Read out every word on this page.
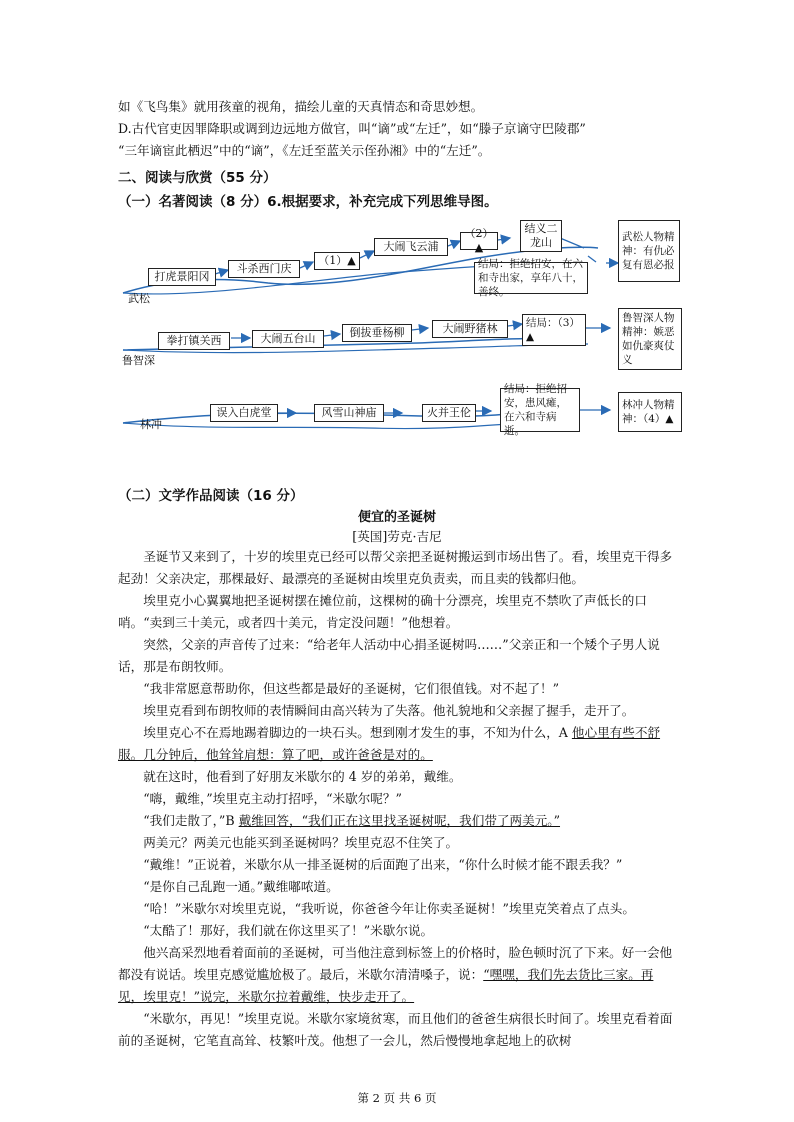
如《飞鸟集》就用孩童的视角，描绘儿童的天真情态和奇思妙想。
D.古代官吏因罪降职或调到边远地方做官，叫“谪”或“左迁”，如“滕子京谪守巴陵郡”
“三年谪宦此栖迟”中的“谪”，《左迁至蓝关示侄孙湘》中的“左迁”。
二、阅读与欣赏（55 分）
（一）名著阅读（8 分）6.根据要求，补充完成下列思维导图。
武松
打虎景阳冈
斗杀西门庆
（1）▲
大闹飞云浦
（2）▲
结义二龙山
结局：拒绝招安，在六和寺出家，享年八十，善终。
武松人物精神：有仇必复有恩必报
鲁智深
拳打镇关西	大闹五台山	倒拔垂杨柳	大闹野猪林	结局：（3）▲
鲁智深人物精神：嫉恶如仇豪爽仗义
林冲
误入白虎堂	风雪山神庙	火并王伦
结局：拒绝招安，患风瘫，在六和寺病逝。
林冲人物精神：（4）▲
（二）文学作品阅读（16 分）
便宜的圣诞树
[英国]劳克·吉尼
圣诞节又来到了，十岁的埃里克已经可以帮父亲把圣诞树搬运到市场出售了。看，埃里克干得多起劲！父亲决定，那棵最好、最漂亮的圣诞树由埃里克负责卖，而且卖的钱都归他。
埃里克小心翼翼地把圣诞树摆在摊位前，这棵树的确十分漂亮，埃里克不禁吹了声低长的口哨。“卖到三十美元，或者四十美元，肯定没问题！”他想着。
突然，父亲的声音传了过来：“给老年人活动中心捐圣诞树吗……”父亲正和一个矮个子男人说话，那是布朗牧师。
“我非常愿意帮助你，但这些都是最好的圣诞树，它们很值钱。对不起了！”
埃里克看到布朗牧师的表情瞬间由高兴转为了失落。他礼貌地和父亲握了握手，走开了。
埃里克心不在焉地踢着脚边的一块石头。想到刚才发生的事，不知为什么，A 他心里有些不舒服。几分钟后，他耸耸肩想：算了吧，或许爸爸是对的。
就在这时，他看到了好朋友米歇尔的 4 岁的弟弟，戴维。
“嗨，戴维，”埃里克主动打招呼，“米歇尔呢？”
“我们走散了，”B 戴维回答，“我们正在这里找圣诞树呢，我们带了两美元。”
两美元？两美元也能买到圣诞树吗？埃里克忍不住笑了。
“戴维！”正说着，米歇尔从一排圣诞树的后面跑了出来，“你什么时候才能不跟丢我？”
“是你自己乱跑一通。”戴维嘟哝道。
“哈！”米歇尔对埃里克说，“我听说，你爸爸今年让你卖圣诞树！”埃里克笑着点了点头。
“太酷了！那好，我们就在你这里买了！”米歇尔说。
他兴高采烈地看着面前的圣诞树，可当他注意到标签上的价格时，脸色顿时沉了下来。好一会他都没有说话。埃里克感觉尴尬极了。最后，米歇尔清清嗓子，说：“嘿嘿，我们先去货比三家。再见，埃里克！”说完，米歇尔拉着戴维，快步走开了。
“米歇尔，再见！”埃里克说。米歇尔家境贫寒，而且他们的爸爸生病很长时间了。埃里克看着面前的圣诞树，它笔直高耸、枝繁叶茂。他想了一会儿，然后慢慢地拿起地上的砍树
第 2 页 共 6 页
